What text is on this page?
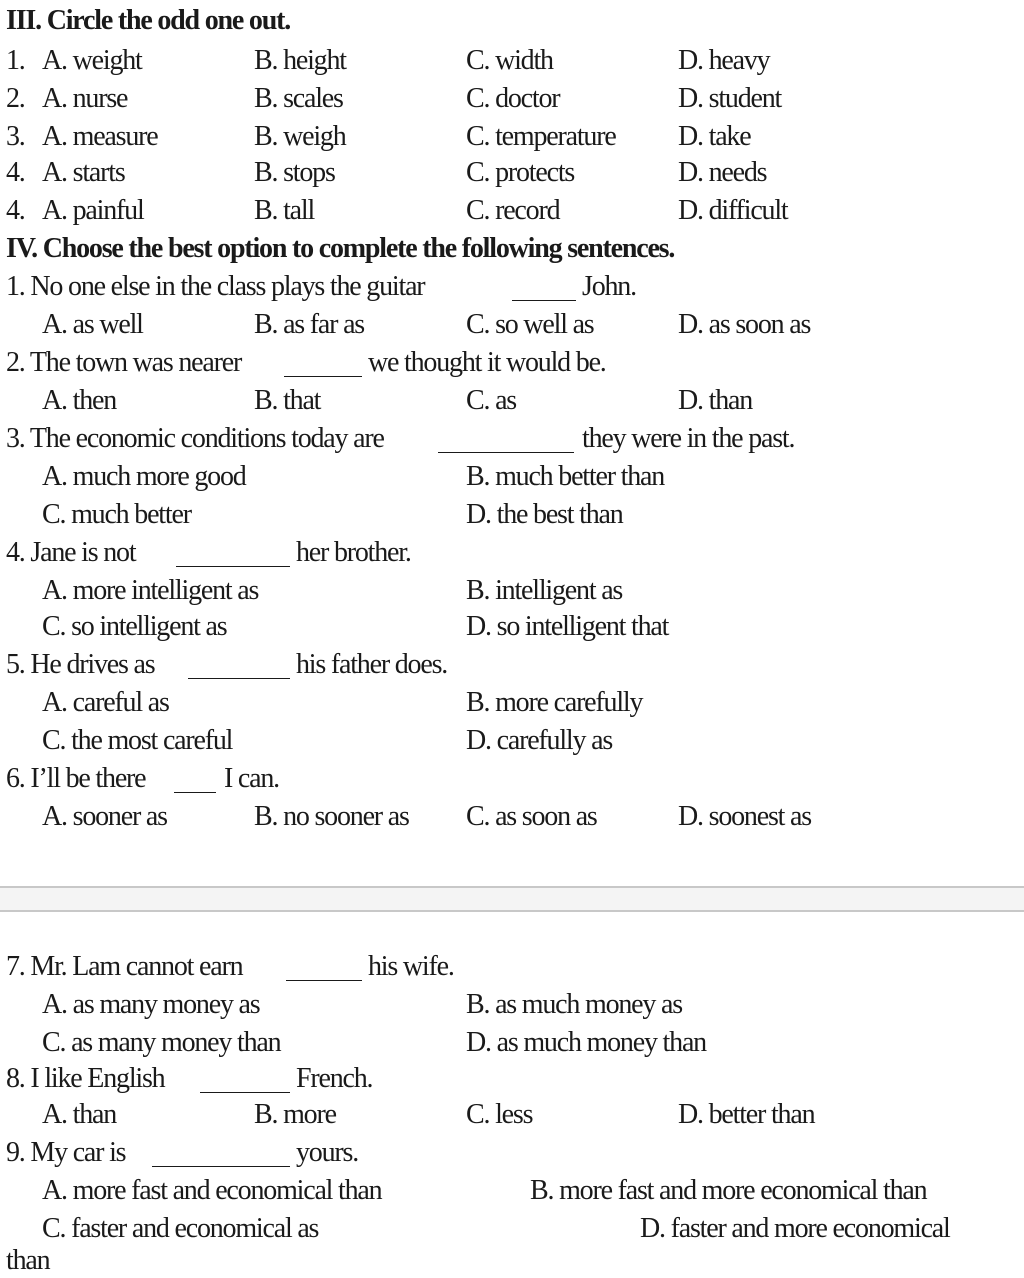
III. Circle the odd one out.
1. A. weight	B. height	C. width	D. heavy
2. A. nurse	B. scales	C. doctor	D. student
3. A. measure	B. weigh	C. temperature D. take
4. A. starts	B. stops	C. protects	D. needs
4. A. painful	B. tall	C. record	D. difficult
IV. Choose the best option to complete the following sentences.
1. No one else in the class plays the guitar	John.
A. as well	B. as far as	C. so well as	D. as soon as
2. The town was nearer	we thought it would be.
A. then	B. that	C. as	D. than
3. The economic conditions today are	they were in the past.
A. much more good	B. much better than
C. much better	D. the best than
4. Jane is not	her brother.
A. more intelligent as	B. intelligent as
C. so intelligent as	D. so intelligent that
5. He drives as	his father does.
A. careful as	B. more carefully
C. the most careful	D. carefully as
6. I’ll be there	I can.
A. sooner as	B. no sooner as C. as soon as	D. soonest as
7. Mr. Lam cannot earn	his wife.
A. as many money as	B. as much money as
C. as many money than	D. as much money than
8. I like English	French.
A. than	B. more	C. less	D. better than
9. My car is	yours.
A. more fast and economical than	B. more fast and more economical than
C. faster and economical as	D. faster and more economical
than
